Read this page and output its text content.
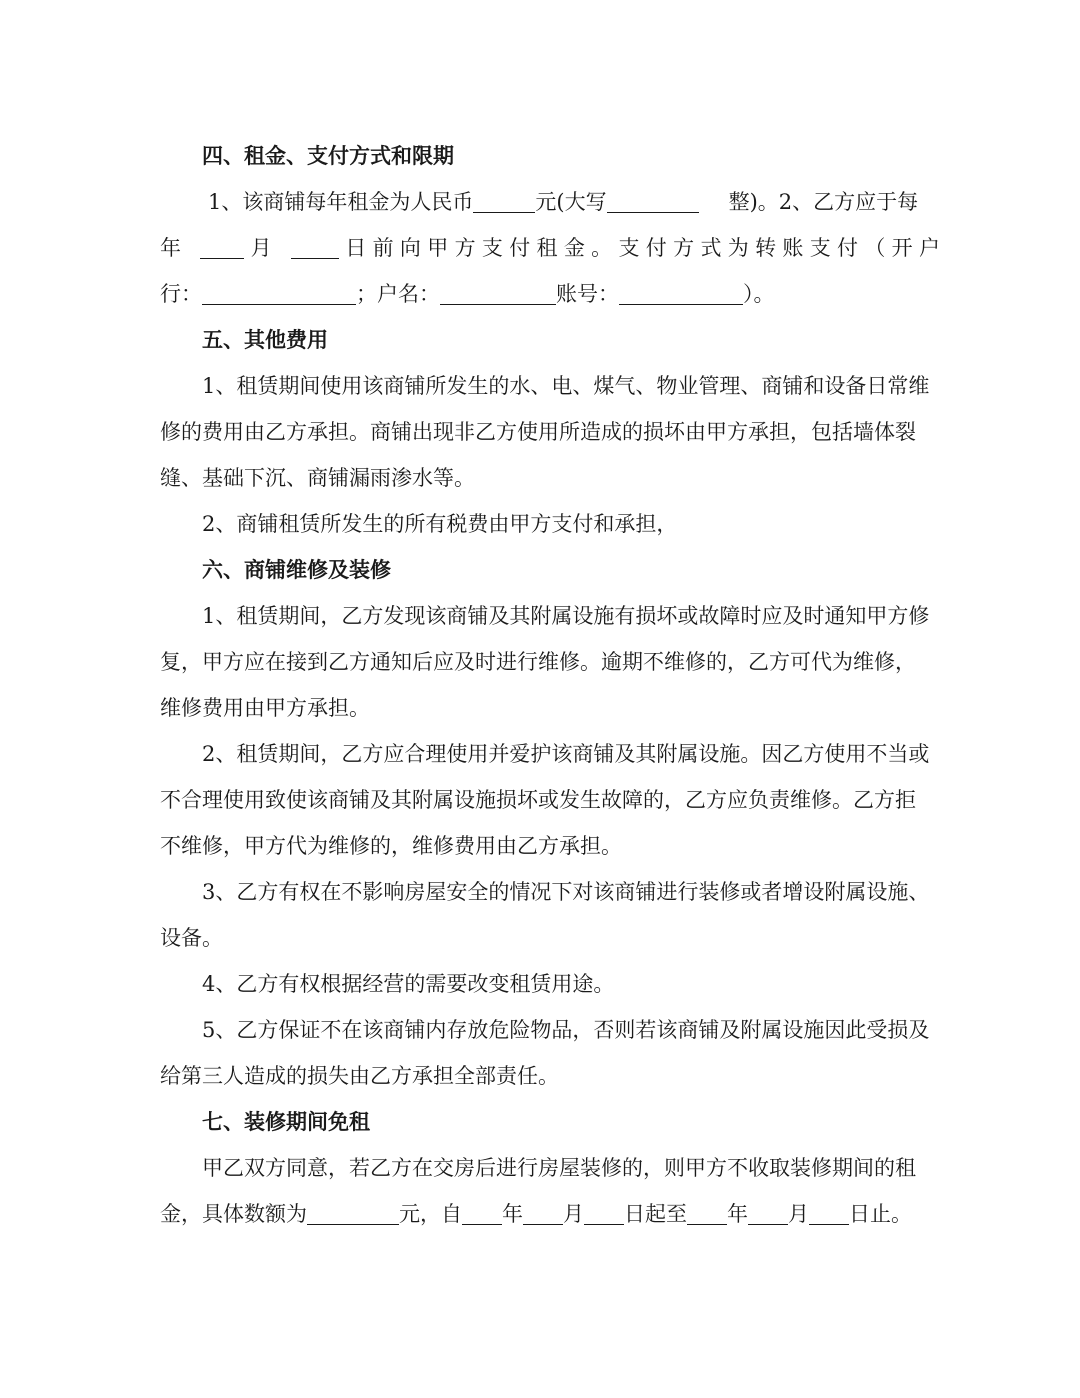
四、租金、支付方式和限期
1、该商铺每年租金为人民币	元(大写	整)。2、乙方应于每
年	月	日前向甲方支付租金。支付方式为转账支付（开户
行：	；户名：	账号：	）。
五、其他费用
1、租赁期间使用该商铺所发生的水、电、煤气、物业管理、商铺和设备日常维
修的费用由乙方承担。商铺出现非乙方使用所造成的损坏由甲方承担，包括墙体裂
缝、基础下沉、商铺漏雨渗水等。
2、商铺租赁所发生的所有税费由甲方支付和承担，
六、商铺维修及装修
1、租赁期间，乙方发现该商铺及其附属设施有损坏或故障时应及时通知甲方修
复，甲方应在接到乙方通知后应及时进行维修。逾期不维修的，乙方可代为维修，
维修费用由甲方承担。
2、租赁期间，乙方应合理使用并爱护该商铺及其附属设施。因乙方使用不当或
不合理使用致使该商铺及其附属设施损坏或发生故障的，乙方应负责维修。乙方拒
不维修，甲方代为维修的，维修费用由乙方承担。
3、乙方有权在不影响房屋安全的情况下对该商铺进行装修或者增设附属设施、
设备。
4、乙方有权根据经营的需要改变租赁用途。
5、乙方保证不在该商铺内存放危险物品，否则若该商铺及附属设施因此受损及
给第三人造成的损失由乙方承担全部责任。
七、装修期间免租
甲乙双方同意，若乙方在交房后进行房屋装修的，则甲方不收取装修期间的租
金，具体数额为	元，自 年 月 日起至 年 月 日止。
